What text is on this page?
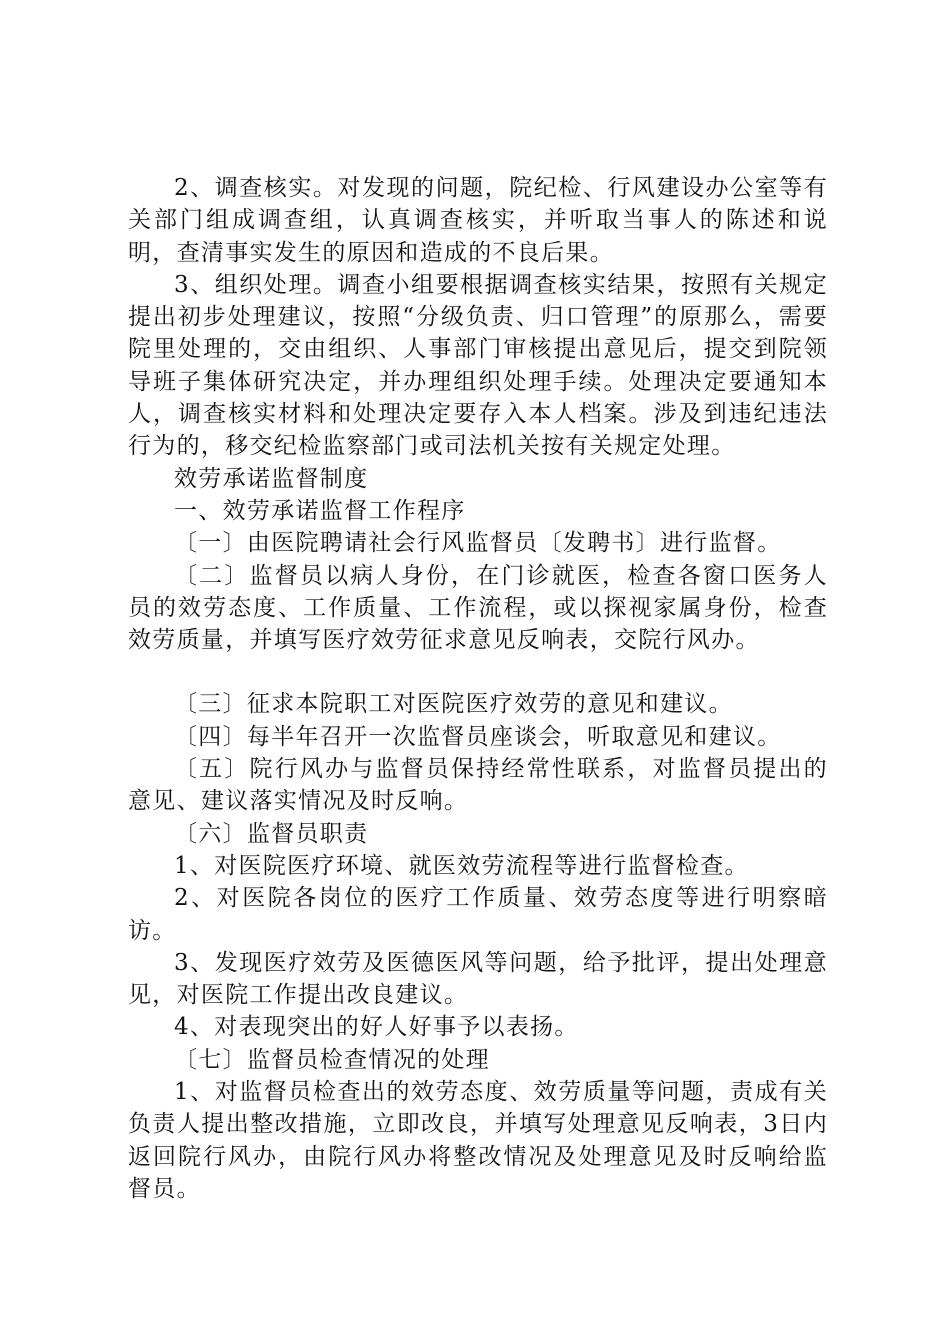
2、调查核实。对发现的问题，院纪检、行风建设办公室等有关部门组成调查组，认真调查核实，并听取当事人的陈述和说明，查清事实发生的原因和造成的不良后果。

3、组织处理。调查小组要根据调查核实结果，按照有关规定提出初步处理建议，按照“分级负责、归口管理”的原那么，需要院里处理的，交由组织、人事部门审核提出意见后，提交到院领导班子集体研究决定，并办理组织处理手续。处理决定要通知本人，调查核实材料和处理决定要存入本人档案。涉及到违纪违法行为的，移交纪检监察部门或司法机关按有关规定处理。

效劳承诺监督制度

一、效劳承诺监督工作程序

〔一〕由医院聘请社会行风监督员〔发聘书〕进行监督。

〔二〕监督员以病人身份，在门诊就医，检查各窗口医务人员的效劳态度、工作质量、工作流程，或以探视家属身份，检查效劳质量，并填写医疗效劳征求意见反响表，交院行风办。

〔三〕征求本院职工对医院医疗效劳的意见和建议。

〔四〕每半年召开一次监督员座谈会，听取意见和建议。

〔五〕院行风办与监督员保持经常性联系，对监督员提出的意见、建议落实情况及时反响。

〔六〕监督员职责

1、对医院医疗环境、就医效劳流程等进行监督检查。

2、对医院各岗位的医疗工作质量、效劳态度等进行明察暗访。

3、发现医疗效劳及医德医风等问题，给予批评，提出处理意见，对医院工作提出改良建议。

4、对表现突出的好人好事予以表扬。

〔七〕监督员检查情况的处理

1、对监督员检查出的效劳态度、效劳质量等问题，责成有关负责人提出整改措施，立即改良，并填写处理意见反响表，3日内返回院行风办，由院行风办将整改情况及处理意见及时反响给监督员。
